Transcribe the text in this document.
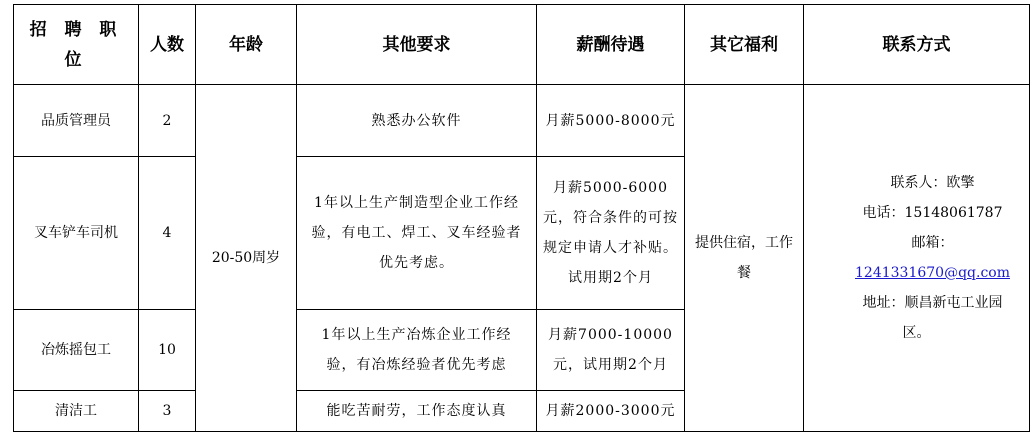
招 聘 职 位	人数	年龄	其他要求	薪酬待遇	其它福利	联系方式
品质管理员	2	20-50周岁	熟悉办公软件	月薪5000-8000元	提供住宿，工作餐	联系人：欧擎
电话：15148061787
邮箱：1241331670@qq.com
地址：顺昌新屯工业园
区。

叉车铲车司机	4		1年以上生产制造型企业工作经验，有电工、焊工、叉车经验者优先考虑。	月薪5000-6000元，符合条件的可按规定申请人才补贴。试用期2个月		
冶炼摇包工	10		1年以上生产冶炼企业工作经验，有冶炼经验者优先考虑	月薪7000-10000元，试用期2个月		
清洁工	3		能吃苦耐劳，工作态度认真	月薪2000-3000元		
